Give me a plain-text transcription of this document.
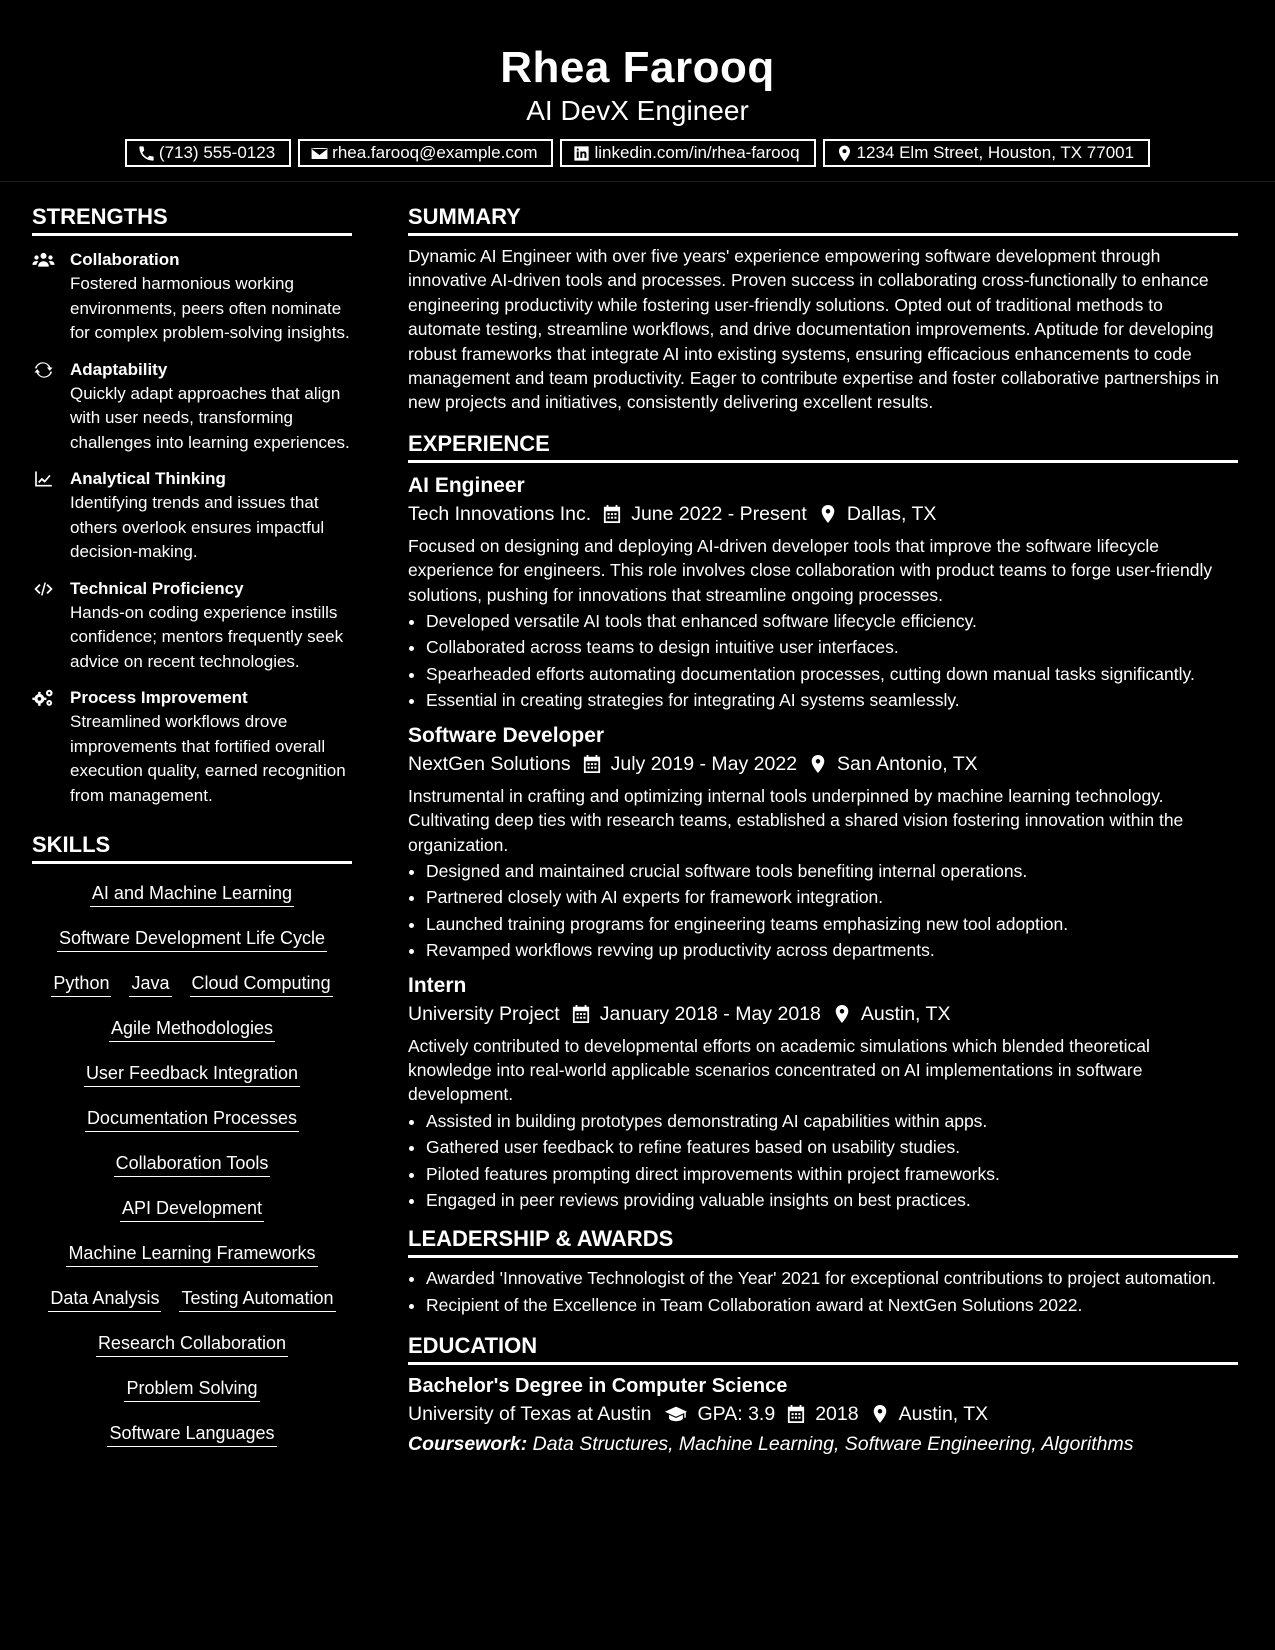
Rhea Farooq
AI DevX Engineer
(713) 555-0123	rhea.farooq@example.com	linkedin.com/in/rhea-farooq	1234 Elm Street, Houston, TX 77001
STRENGTHS
Collaboration
Fostered harmonious working environments, peers often nominate for complex problem-solving insights.
Adaptability
Quickly adapt approaches that align with user needs, transforming challenges into learning experiences.
Analytical Thinking
Identifying trends and issues that others overlook ensures impactful decision-making.
Technical Proficiency
Hands-on coding experience instills confidence; mentors frequently seek advice on recent technologies.
Process Improvement
Streamlined workflows drove improvements that fortified overall execution quality, earned recognition from management.
SKILLS
AI and Machine Learning
Software Development Life Cycle
Python Java Cloud Computing
Agile Methodologies
User Feedback Integration
Documentation Processes
Collaboration Tools
API Development
Machine Learning Frameworks
Data Analysis Testing Automation
Research Collaboration
Problem Solving
Software Languages
SUMMARY
Dynamic AI Engineer with over five years' experience empowering software development through innovative AI-driven tools and processes. Proven success in collaborating cross-functionally to enhance engineering productivity while fostering user-friendly solutions. Opted out of traditional methods to automate testing, streamline workflows, and drive documentation improvements. Aptitude for developing robust frameworks that integrate AI into existing systems, ensuring efficacious enhancements to code management and team productivity. Eager to contribute expertise and foster collaborative partnerships in new projects and initiatives, consistently delivering excellent results.
EXPERIENCE
AI Engineer
Tech Innovations Inc. June 2022 - Present Dallas, TX
Focused on designing and deploying AI-driven developer tools that improve the software lifecycle experience for engineers. This role involves close collaboration with product teams to forge user-friendly solutions, pushing for innovations that streamline ongoing processes.
• Developed versatile AI tools that enhanced software lifecycle efficiency.
• Collaborated across teams to design intuitive user interfaces.
• Spearheaded efforts automating documentation processes, cutting down manual tasks significantly.
• Essential in creating strategies for integrating AI systems seamlessly.
Software Developer
NextGen Solutions July 2019 - May 2022 San Antonio, TX
Instrumental in crafting and optimizing internal tools underpinned by machine learning technology. Cultivating deep ties with research teams, established a shared vision fostering innovation within the organization.
• Designed and maintained crucial software tools benefiting internal operations.
• Partnered closely with AI experts for framework integration.
• Launched training programs for engineering teams emphasizing new tool adoption.
• Revamped workflows revving up productivity across departments.
Intern
University Project January 2018 - May 2018 Austin, TX
Actively contributed to developmental efforts on academic simulations which blended theoretical knowledge into real-world applicable scenarios concentrated on AI implementations in software development.
• Assisted in building prototypes demonstrating AI capabilities within apps.
• Gathered user feedback to refine features based on usability studies.
• Piloted features prompting direct improvements within project frameworks.
• Engaged in peer reviews providing valuable insights on best practices.
LEADERSHIP & AWARDS
• Awarded 'Innovative Technologist of the Year' 2021 for exceptional contributions to project automation.
• Recipient of the Excellence in Team Collaboration award at NextGen Solutions 2022.
EDUCATION
Bachelor's Degree in Computer Science
University of Texas at Austin GPA: 3.9 2018 Austin, TX
Coursework: Data Structures, Machine Learning, Software Engineering, Algorithms
